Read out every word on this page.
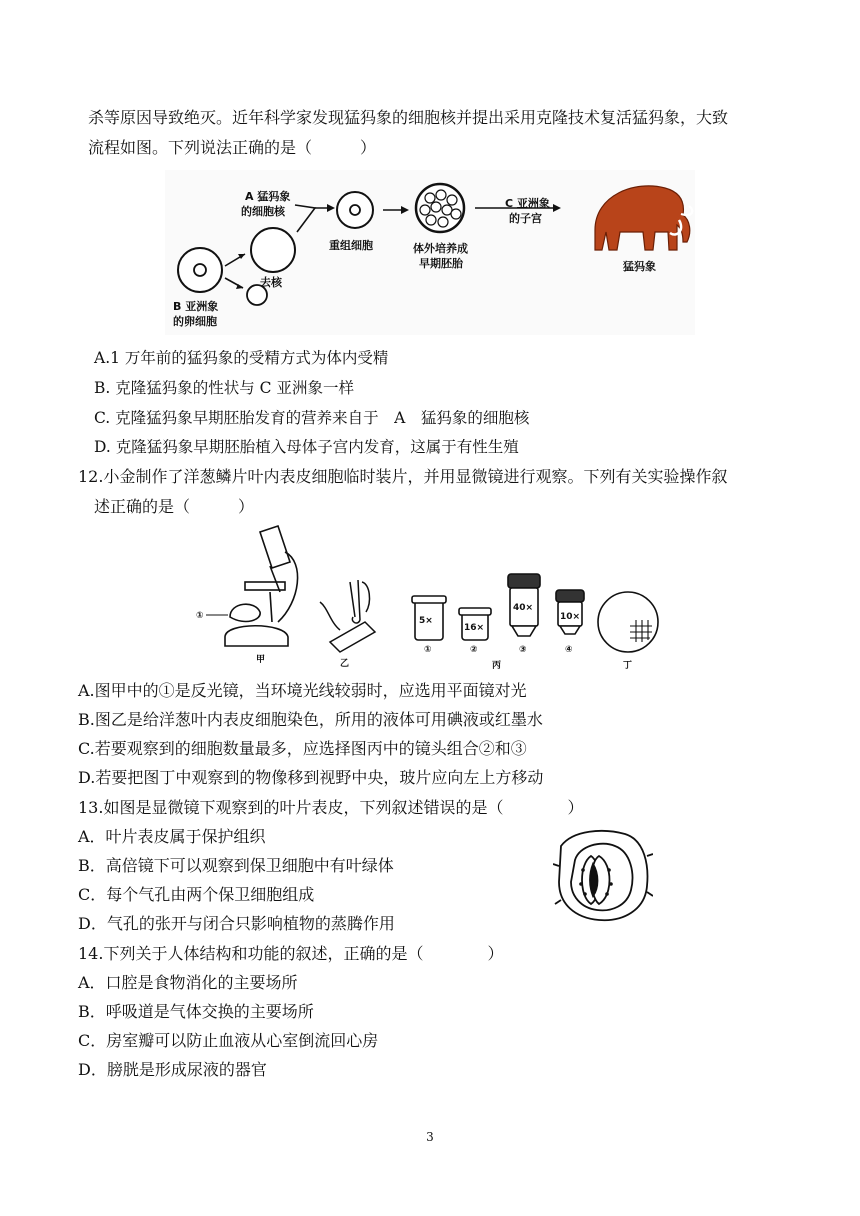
杀等原因导致绝灭。近年科学家发现猛犸象的细胞核并提出采用克隆技术复活猛犸象，大致
流程如图。下列说法正确的是（　　　）
B 亚洲象
的卵细胞
A 猛犸象
的细胞核
去核
重组细胞	体外培养成
早期胚胎
C 亚洲象
的子宫
猛犸象
A.1 万年前的猛犸象的受精方式为体内受精
B. 克隆猛犸象的性状与 C 亚洲象一样
C. 克隆猛犸象早期胚胎发育的营养来自于　A　猛犸象的细胞核
D. 克隆猛犸象早期胚胎植入母体子宫内发育，这属于有性生殖
12.小金制作了洋葱鳞片叶内表皮细胞临时装片，并用显微镜进行观察。下列有关实验操作叙
述正确的是（　　　）
①
甲	乙
5×
16×
40×
10×
①	②	③	④
丙	丁
A.图甲中的①是反光镜，当环境光线较弱时，应选用平面镜对光
B.图乙是给洋葱叶内表皮细胞染色，所用的液体可用碘液或红墨水
C.若要观察到的细胞数量最多，应选择图丙中的镜头组合②和③
D.若要把图丁中观察到的物像移到视野中央，玻片应向左上方移动
13.如图是显微镜下观察到的叶片表皮，下列叙述错误的是（　　　　）
A．叶片表皮属于保护组织
B．高倍镜下可以观察到保卫细胞中有叶绿体
C．每个气孔由两个保卫细胞组成
D．气孔的张开与闭合只影响植物的蒸腾作用
14.下列关于人体结构和功能的叙述，正确的是（　　　　）
A．口腔是食物消化的主要场所
B．呼吸道是气体交换的主要场所
C．房室瓣可以防止血液从心室倒流回心房
D．膀胱是形成尿液的器官
3
